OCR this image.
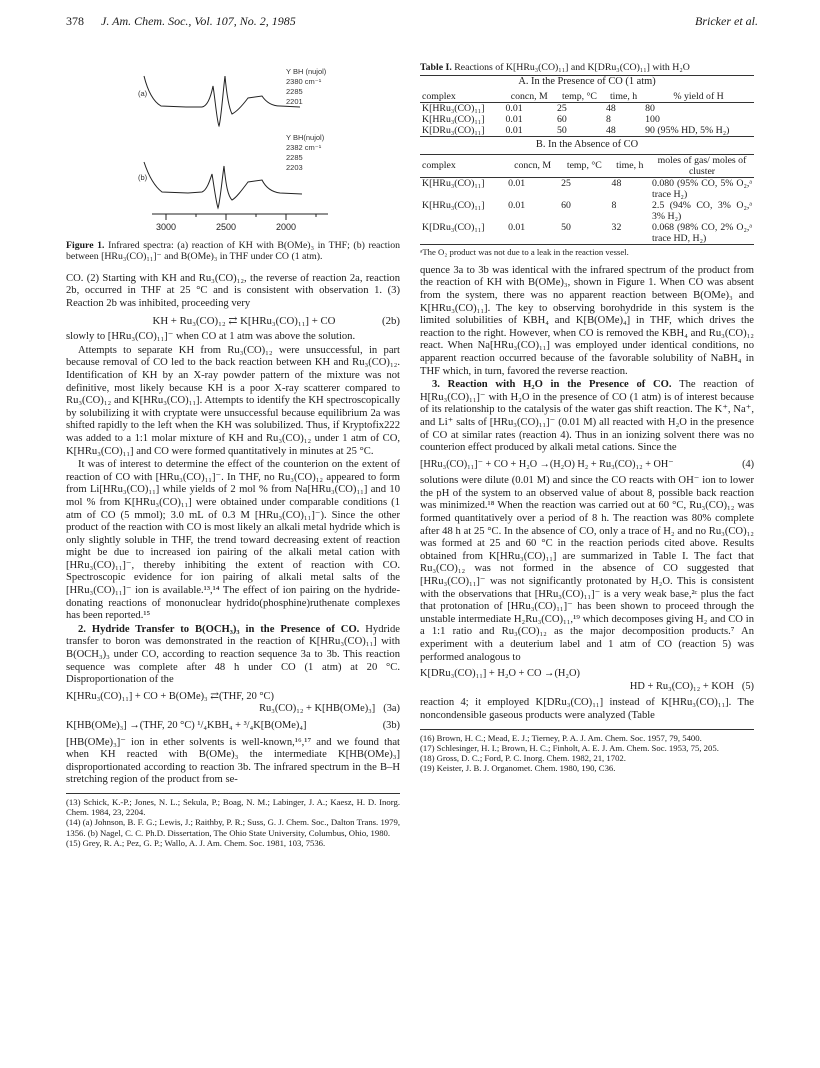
378 J. Am. Chem. Soc., Vol. 107, No. 2, 1985	Bricker et al.
(a)
(b)
Y BH (nujol)
2380 cm⁻¹
2285
2201
Y BH(nujol)
2382 cm⁻¹
2285
2203
3000	2500	2000
Figure 1. Infrared spectra: (a) reaction of KH with B(OMe)₃ in THF; (b) reaction between [HRu₃(CO)₁₁]⁻ and B(OMe)₃ in THF under CO (1 atm).

CO. (2) Starting with KH and Ru₃(CO)₁₂, the reverse of reaction 2a, reaction 2b, occurred in THF at 25 °C and is consistent with observation 1. (3) Reaction 2b was inhibited, proceeding very

KH + Ru₃(CO)₁₂ ⇄ K[HRu₃(CO)₁₁] + CO	(2b)

slowly to [HRu₃(CO)₁₁]⁻ when CO at 1 atm was above the solution.

Attempts to separate KH from Ru₃(CO)₁₂ were unsuccessful, in part because removal of CO led to the back reaction between KH and Ru₃(CO)₁₂. Identification of KH by an X-ray powder pattern of the mixture was not definitive, most likely because KH is a poor X-ray scatterer compared to Ru₃(CO)₁₂ and K[HRu₃(CO)₁₁]. Attempts to identify the KH spectroscopically by solubilizing it with cryptate were unsuccessful because equilibrium 2a was shifted rapidly to the left when the KH was solubilized. Thus, if Kryptofix222 was added to a 1:1 molar mixture of KH and Ru₃(CO)₁₂ under 1 atm of CO, K[HRu₃(CO)₁₁] and CO were formed quantitatively in minutes at 25 °C.

It was of interest to determine the effect of the counterion on the extent of reaction of CO with [HRu₃(CO)₁₁]⁻. In THF, no Ru₃(CO)₁₂ appeared to form from Li[HRu₃(CO)₁₁] while yields of 2 mol % from Na[HRu₃(CO)₁₁] and 10 mol % from K[HRu₃(CO)₁₁] were obtained under comparable conditions (1 atm of CO (5 mmol); 3.0 mL of 0.3 M [HRu₃(CO)₁₁]⁻). Since the other product of the reaction with CO is most likely an alkali metal hydride which is only slightly soluble in THF, the trend toward decreasing extent of reaction might be due to increased ion pairing of the alkali metal cation with [HRu₃(CO)₁₁]⁻, thereby inhibiting the extent of reaction with CO. Spectroscopic evidence for ion pairing of alkali metal salts of the [HRu₃(CO)₁₁]⁻ ion is available.¹³,¹⁴ The effect of ion pairing on the hydride-donating reactions of mononuclear hydrido(phosphine)ruthenate complexes has been reported.¹⁵

2. Hydride Transfer to B(OCH₃)₃ in the Presence of CO. Hydride transfer to boron was demonstrated in the reaction of K[HRu₃(CO)₁₁] with B(OCH₃)₃ under CO, according to reaction sequence 3a to 3b. This reaction sequence was complete after 48 h under CO (1 atm) at 20 °C. Disproportionation of the

K[HRu₃(CO)₁₁] + CO + B(OMe)₃ ⇄(THF, 20 °C)
Ru₃(CO)₁₂ + K[HB(OMe)₃] (3a)
K[HB(OMe)₃] →(THF, 20 °C) ¹/₄KBH₄ + ³/₄K[B(OMe)₄]	(3b)

[HB(OMe)₃]⁻ ion in ether solvents is well-known,¹⁶,¹⁷ and we found that when KH reacted with B(OMe)₃ the intermediate K[HB(OMe)₃] disproportionated according to reaction 3b. The infrared spectrum in the B–H stretching region of the product from se-

(13) Schick, K.-P.; Jones, N. L.; Sekula, P.; Boag, N. M.; Labinger, J. A.; Kaesz, H. D. Inorg. Chem. 1984, 23, 2204.
(14) (a) Johnson, B. F. G.; Lewis, J.; Raithby, P. R.; Suss, G. J. Chem. Soc., Dalton Trans. 1979, 1356. (b) Nagel, C. C. Ph.D. Dissertation, The Ohio State University, Columbus, Ohio, 1980.
(15) Grey, R. A.; Pez, G. P.; Wallo, A. J. Am. Chem. Soc. 1981, 103, 7536.
Table I. Reactions of K[HRu₃(CO)₁₁] and K[DRu₃(CO)₁₁] with H₂O
A. In the Presence of CO (1 atm)
complex	concn, M	temp, °C	time, h	% yield of H
K[HRu₃(CO)₁₁]	0.01	25	48	80
K[HRu₃(CO)₁₁]	0.01	60	8	100
K[DRu₃(CO)₁₁]	0.01	50	48	90 (95% HD, 5% H₂)
B. In the Absence of CO
complex	concn, M	temp, °C	time, h	moles of gas/ moles of cluster
K[HRu₃(CO)₁₁]	0.01	25	48	0.080 (95% CO, 5% O₂,ᵃ trace H₂)
K[HRu₃(CO)₁₁]	0.01	60	8	2.5 (94% CO, 3% O₂,ᵃ 3% H₂)
K[DRu₃(CO)₁₁]	0.01	50	32	0.068 (98% CO, 2% O₂,ᵃ trace HD, H₂)
ᵃThe O₂ product was not due to a leak in the reaction vessel.

quence 3a to 3b was identical with the infrared spectrum of the product from the reaction of KH with B(OMe)₃, shown in Figure 1. When CO was absent from the system, there was no apparent reaction between B(OMe)₃ and K[HRu₃(CO)₁₁]. The key to observing borohydride in this system is the limited solubilities of KBH₄ and K[B(OMe)₄] in THF, which drives the reaction to the right. However, when CO is removed the KBH₄ and Ru₃(CO)₁₂ react. When Na[HRu₃(CO)₁₁] was employed under identical conditions, no apparent reaction occurred because of the favorable solubility of NaBH₄ in THF which, in turn, favored the reverse reaction.

3. Reaction with H₂O in the Presence of CO. The reaction of H[Ru₃(CO)₁₁]⁻ with H₂O in the presence of CO (1 atm) is of interest because of its relationship to the catalysis of the water gas shift reaction. The K⁺, Na⁺, and Li⁺ salts of [HRu₃(CO)₁₁]⁻ (0.01 M) all reacted with H₂O in the presence of CO at similar rates (reaction 4). Thus in an ionizing solvent there was no counterion effect produced by alkali metal cations. Since the

[HRu₃(CO)₁₁]⁻ + CO + H₂O →(H₂O) H₂ + Ru₃(CO)₁₂ + OH⁻	(4)

solutions were dilute (0.01 M) and since the CO reacts with OH⁻ ion to lower the pH of the system to an observed value of about 8, possible back reaction was minimized.¹⁸ When the reaction was carried out at 60 °C, Ru₃(CO)₁₂ was formed quantitatively over a period of 8 h. The reaction was 80% complete after 48 h at 25 °C. In the absence of CO, only a trace of H₂ and no Ru₃(CO)₁₂ was formed at 25 and 60 °C in the reaction periods cited above. Results obtained from K[HRu₃(CO)₁₁] are summarized in Table I. The fact that Ru₃(CO)₁₂ was not formed in the absence of CO suggested that [HRu₃(CO)₁₁]⁻ was not significantly protonated by H₂O. This is consistent with the observations that [HRu₃(CO)₁₁]⁻ is a very weak base,²ᶜ plus the fact that protonation of [HRu₃(CO)₁₁]⁻ has been shown to proceed through the unstable intermediate H₂Ru₃(CO)₁₁,¹⁹ which decomposes giving H₂ and CO in a 1:1 ratio and Ru₃(CO)₁₂ as the major decomposition products.⁷ An experiment with a deuterium label and 1 atm of CO (reaction 5) was performed analogous to

K[DRu₃(CO)₁₁] + H₂O + CO →(H₂O)
HD + Ru₃(CO)₁₂ + KOH (5)

reaction 4; it employed K[DRu₃(CO)₁₁] instead of K[HRu₃(CO)₁₁]. The noncondensible gaseous products were analyzed (Table

(16) Brown, H. C.; Mead, E. J.; Tierney, P. A. J. Am. Chem. Soc. 1957, 79, 5400.
(17) Schlesinger, H. I.; Brown, H. C.; Finholt, A. E. J. Am. Chem. Soc. 1953, 75, 205.
(18) Gross, D. C.; Ford, P. C. Inorg. Chem. 1982, 21, 1702.
(19) Keister, J. B. J. Organomet. Chem. 1980, 190, C36.
